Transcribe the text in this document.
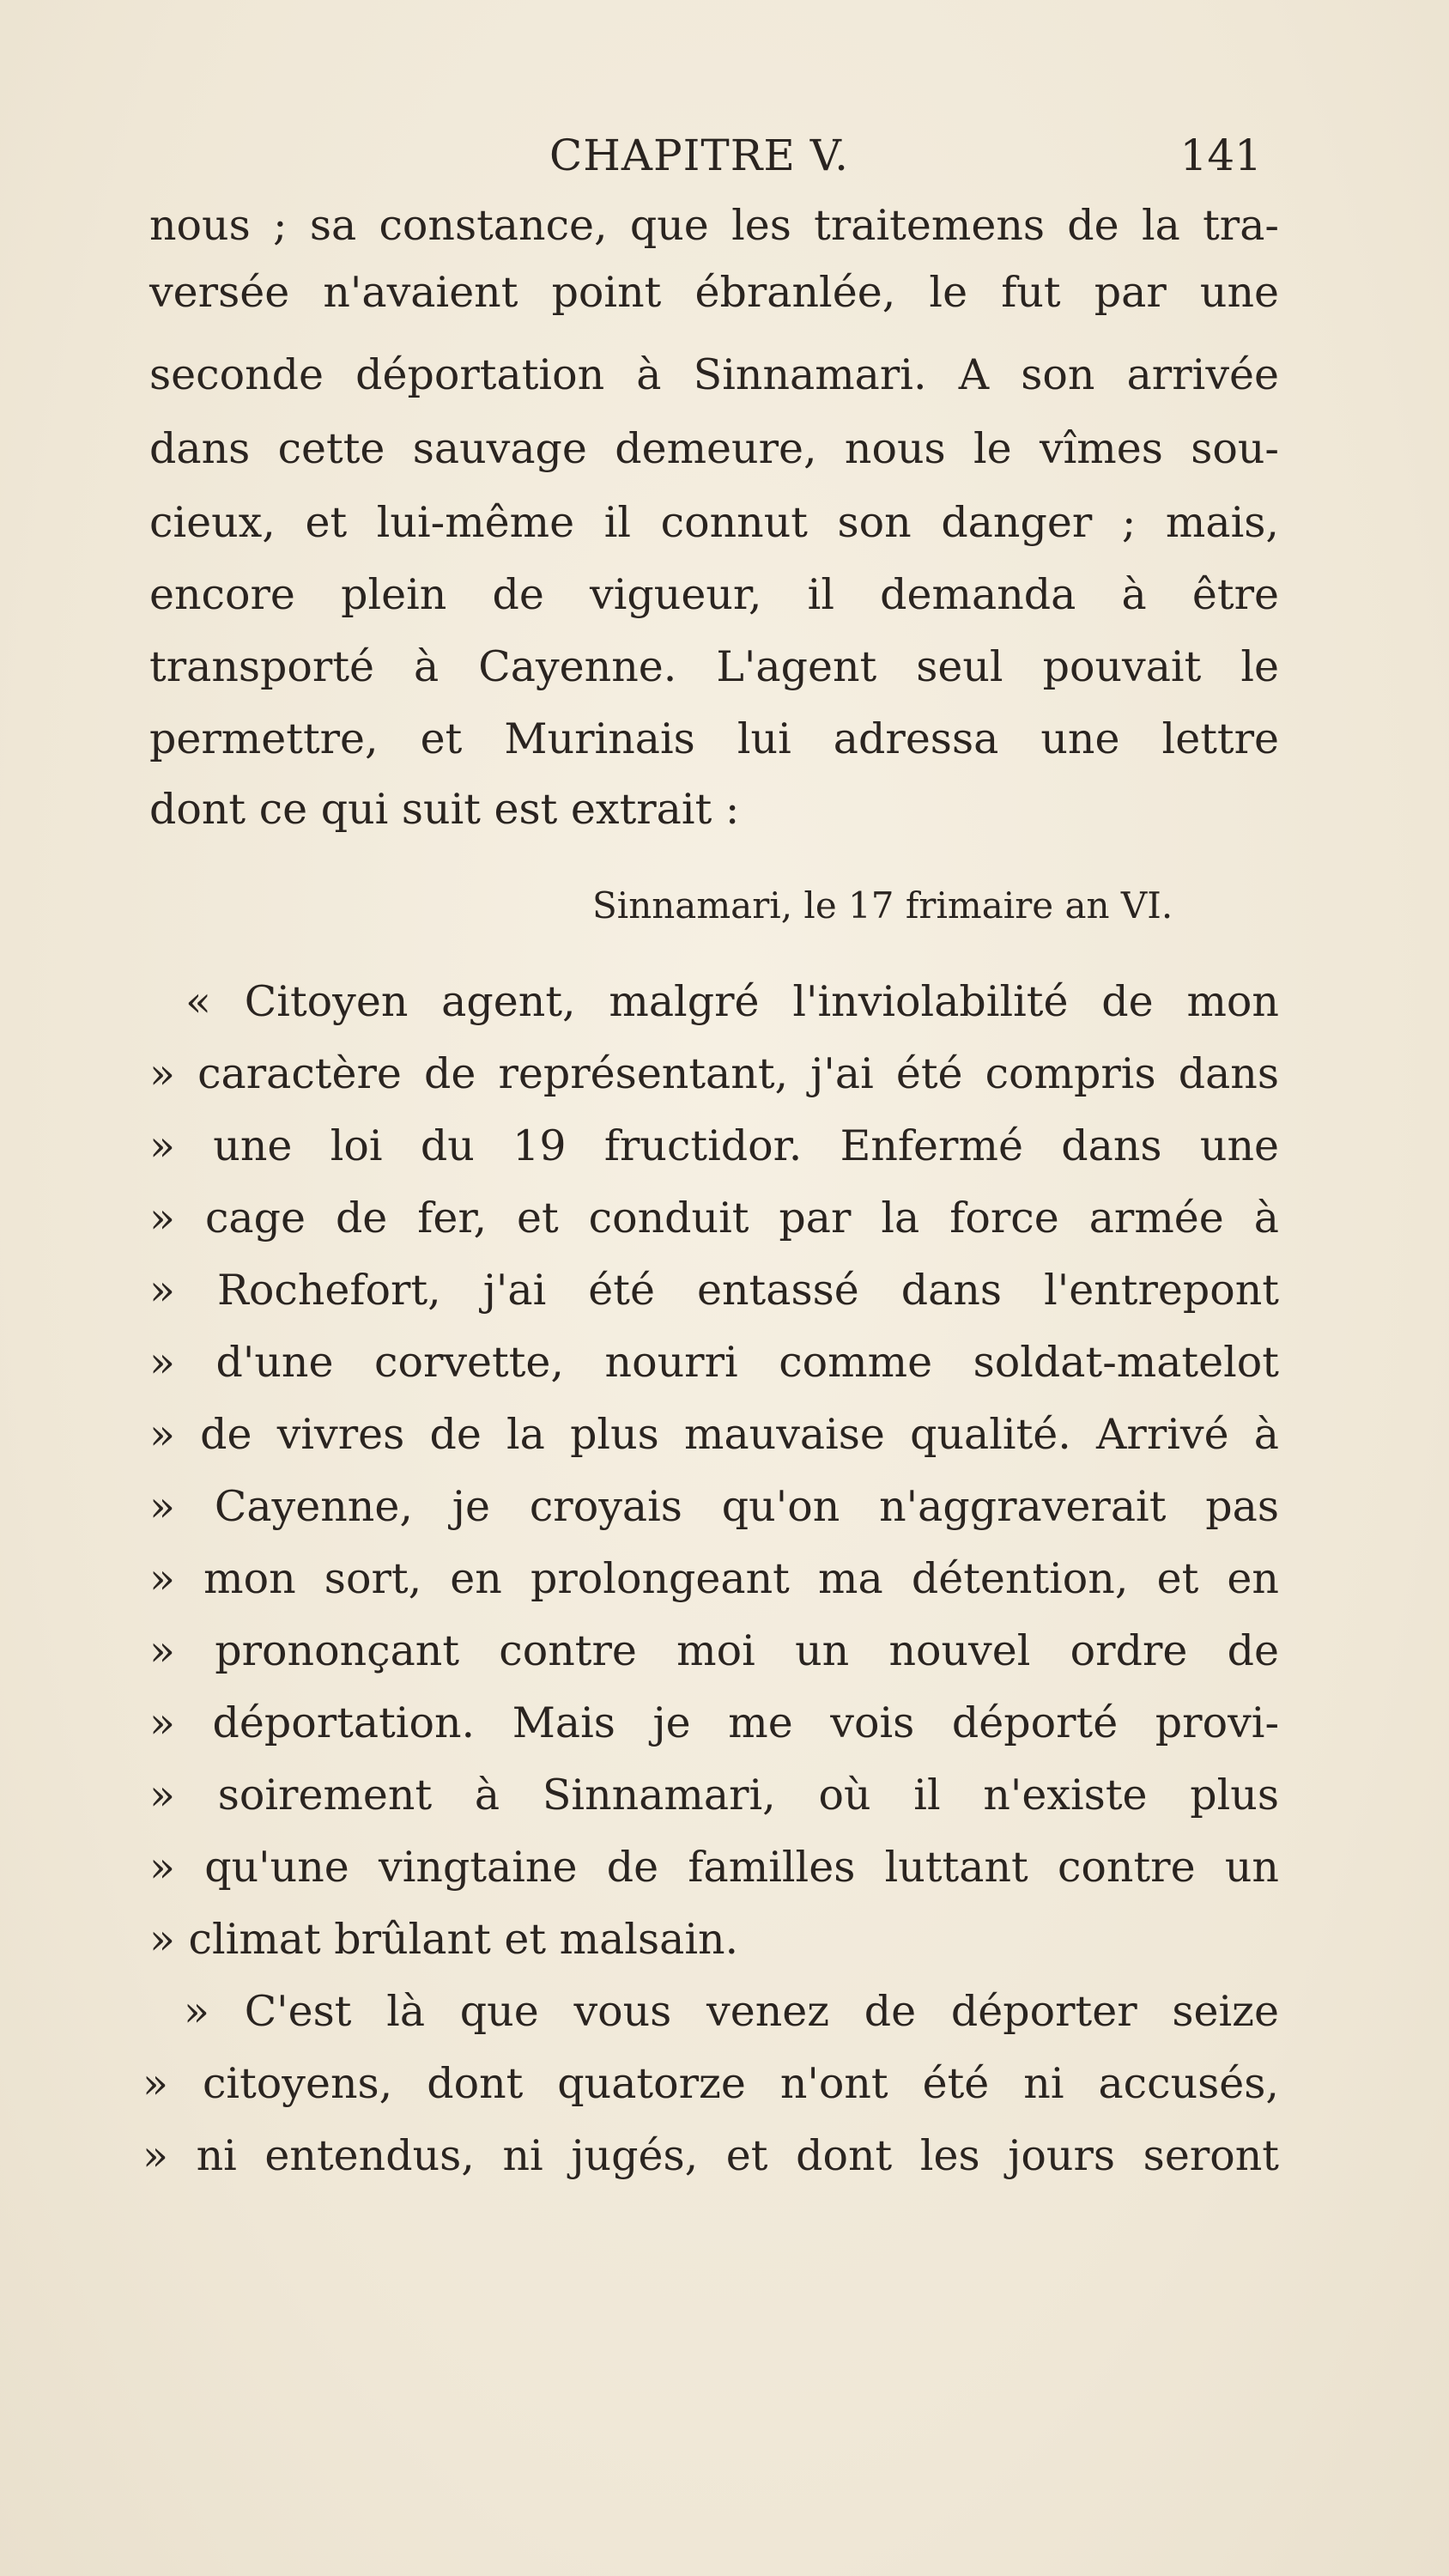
CHAPITRE V.	141
nous ; sa constance, que les traitemens de la tra-
versée n'avaient point ébranlée, le fut par une
seconde déportation à Sinnamari. A son arrivée
dans cette sauvage demeure, nous le vîmes sou-
cieux, et lui-même il connut son danger ; mais,
encore plein de vigueur, il demanda à être
transporté à Cayenne. L'agent seul pouvait le
permettre, et Murinais lui adressa une lettre
dont ce qui suit est extrait :
Sinnamari, le 17 frimaire an VI.
« Citoyen agent, malgré l'inviolabilité de mon
» caractère de représentant, j'ai été compris dans
» une loi du 19 fructidor. Enfermé dans une
» cage de fer, et conduit par la force armée à
» Rochefort, j'ai été entassé dans l'entrepont
» d'une corvette, nourri comme soldat-matelot
» de vivres de la plus mauvaise qualité. Arrivé à
» Cayenne, je croyais qu'on n'aggraverait pas
» mon sort, en prolongeant ma détention, et en
» prononçant contre moi un nouvel ordre de
» déportation. Mais je me vois déporté provi-
» soirement à Sinnamari, où il n'existe plus
» qu'une vingtaine de familles luttant contre un
» climat brûlant et malsain.
» C'est là que vous venez de déporter seize
» citoyens, dont quatorze n'ont été ni accusés,
» ni entendus, ni jugés, et dont les jours seront
